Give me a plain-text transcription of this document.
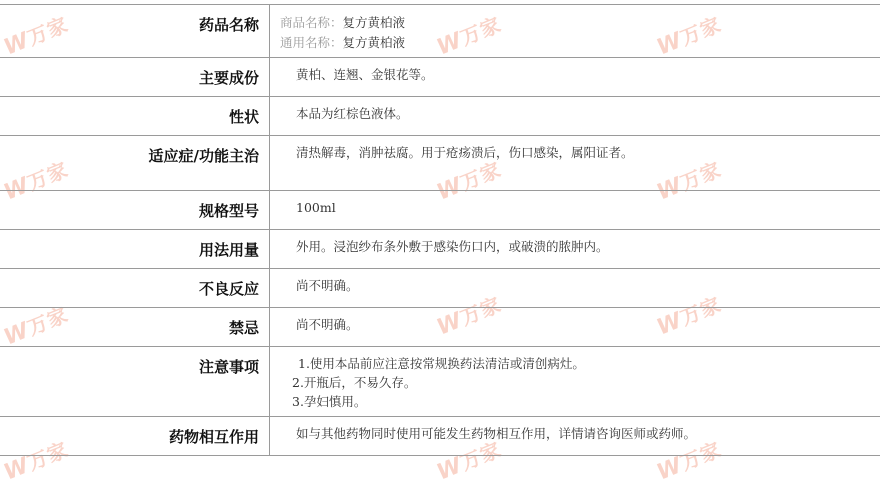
W万家	W万家	W万家
W万家	W万家	W万家
W万家	W万家	W万家
W万家	W万家	W万家
药品名称	商品名称：复方黄柏液
通用名称：复方黄柏液

主要成份	黄柏、连翘、金银花等。
性状	本品为红棕色液体。
适应症/功能主治	清热解毒，消肿祛腐。用于疮疡溃后，伤口感染，属阳证者。
规格型号	100ml
用法用量	外用。浸泡纱布条外敷于感染伤口内，或破溃的脓肿内。
不良反应	尚不明确。
禁忌	尚不明确。
注意事项	1.使用本品前应注意按常规换药法清洁或清创病灶。
2.开瓶后，不易久存。
3.孕妇慎用。

药物相互作用	如与其他药物同时使用可能发生药物相互作用，详情请咨询医师或药师。
